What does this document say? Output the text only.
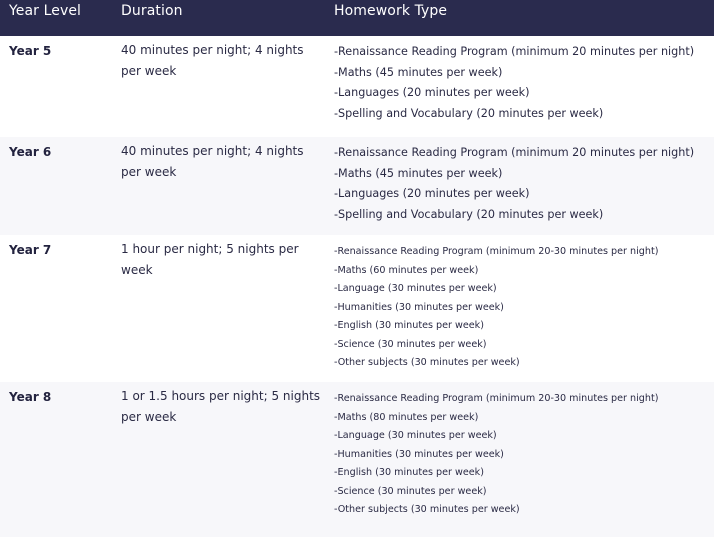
Year Level	Duration	Homework Type
Year 5	40 minutes per night; 4 nights per week
-Renaissance Reading Program (minimum 20 minutes per night)
-Maths (45 minutes per week)
-Languages (20 minutes per week)
-Spelling and Vocabulary (20 minutes per week)
Year 6	40 minutes per night; 4 nights per week
-Renaissance Reading Program (minimum 20 minutes per night)
-Maths (45 minutes per week)
-Languages (20 minutes per week)
-Spelling and Vocabulary (20 minutes per week)
Year 7	1 hour per night; 5 nights per week
-Renaissance Reading Program (minimum 20-30 minutes per night)
-Maths (60 minutes per week)
-Language (30 minutes per week)
-Humanities (30 minutes per week)
-English (30 minutes per week)
-Science (30 minutes per week)
-Other subjects (30 minutes per week)
Year 8	1 or 1.5 hours per night; 5 nights per week
-Renaissance Reading Program (minimum 20-30 minutes per night)
-Maths (80 minutes per week)
-Language (30 minutes per week)
-Humanities (30 minutes per week)
-English (30 minutes per week)
-Science (30 minutes per week)
-Other subjects (30 minutes per week)
